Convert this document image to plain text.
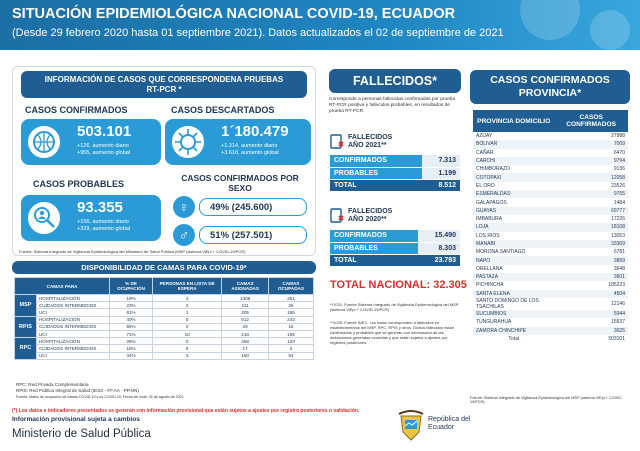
SITUACIÓN EPIDEMIOLÓGICA NACIONAL COVID-19, ECUADOR
(Desde 29 febrero 2020 hasta 01 septiembre 2021). Datos actualizados el 02 de septiembre de 2021
INFORMACIÓN DE CASOS QUE CORRESPONDENA PRUEBAS RT-PCR *
CASOS CONFIRMADOS
503.101
+126, aumento diario
+955, aumento global
CASOS DESCARTADOS
1´180.479
+1.314, aumento diario
+3.618, aumento global
CASOS PROBABLES
93.355
+156, aumento diario
+329, aumento global
CASOS CONFIRMADOS POR SEXO
♀	49% (245.600)
♂	51% (257.501)
Fuente: Sistema Integrado de Vigilancia Epidemiológica del Ministerio de Salud Pública (MSP (sistema ViEpi + COVID-19/PCR)
DISPONIBILIDAD DE CAMAS PARA COVID-19*
CAMAS PARA		% DE OCUPACIÓN	PERSONAS EN LISTA DE ESPERA	CAMAS ASIGNADAS	CAMAS OCUPADAS
MSP	HOSPITALIZACIÓN	19%	3	1308	251
	CUIDADOS INTERMEDIOS	23%	2	111	26
	UCI	61%	1	305	185
RPIS	HOSPITALIZACIÓN	40%	5	612	243
	CUIDADOS INTERMEDIOS	55%	0	29	16
	UCI	71%	10	218	155
RPC	HOSPITALIZACIÓN	26%	0	458	120
	CUIDADOS INTERMEDIOS	18%	0	17	3
	UCI	34%	3	160	54
RPC: Red Privada Complementaria
RPIS: Red Pública Integral de Salud (IESS - FF.AA - PP.NN)
Fuente: Matriz de ocupación de camas COVID-19 y no COVID-19. Fecha de corte: 31 de agosto de 2021
(*) Los datos e indicadores presentados se generan con información provisional que están sujetos a ajustes por registro posteriores o validación.
Información provisional sujeta a cambios
Ministerio de Salud Pública
FALLECIDOS*
Corresponde a personas fallecidas confirmadas por prueba RT-PCR positiva y fallecidos probables, en resultados de prueba RT-PCR.
FALLECIDOS AÑO 2021**
CONFIRMADOS	7.313
PROBABLES	1.199
TOTAL	8.512
FALLECIDOS AÑO 2020**
CONFIRMADOS	15.490
PROBABLES	8.303
TOTAL	23.793
TOTAL NACIONAL: 32.305
**2021: Fuente Sistema Integrado de Vigilancia Epidemiológica del MSP (sistema ViEpi + COVID-19/PCR)
**2020: Fuente INEC. Los datos corresponden a fallecidos en establecimientos del MSP, RPC, RPIS y otros. Dichos fallecidos están confirmados y probables que se generan con información de las defunciones generales ocurridas y que están sujetos a ajustes por registros posteriores.
CASOS CONFIRMADOS PROVINCIA*
PROVINCIA DOMICILIO	CASOS CONFIRMADOS
AZUAY	27988
BOLIVAR	7009
CAÑAR	6470
CARCHI	9794
CHIMBORAZO	9136
COTOPAXI	12058
EL ORO	23526
ESMERALDAS	9755
GALAPAGOS	1484
GUAYAS	69777
IMBABURA	17226
LOJA	18108
LOS RIOS	13053
MANABI	33309
MORONA SANTIAGO	6781
NAPO	3899
ORELLANA	3648
PASTAZA	3601
PICHINCHA	185223
SANTA ELENA	4504
SANTO DOMINGO DE LOS TSACHILAS	12146
SUCUMBIOS	5944
TUNGURAHUA	15637
ZAMORA CHINCHIPE	3025
Total	503101
Fuente: Sistema Integrado de Vigilancia Epidemiológica del MSP (sistema ViEpi + COVID-19/PCR)
República del Ecuador
